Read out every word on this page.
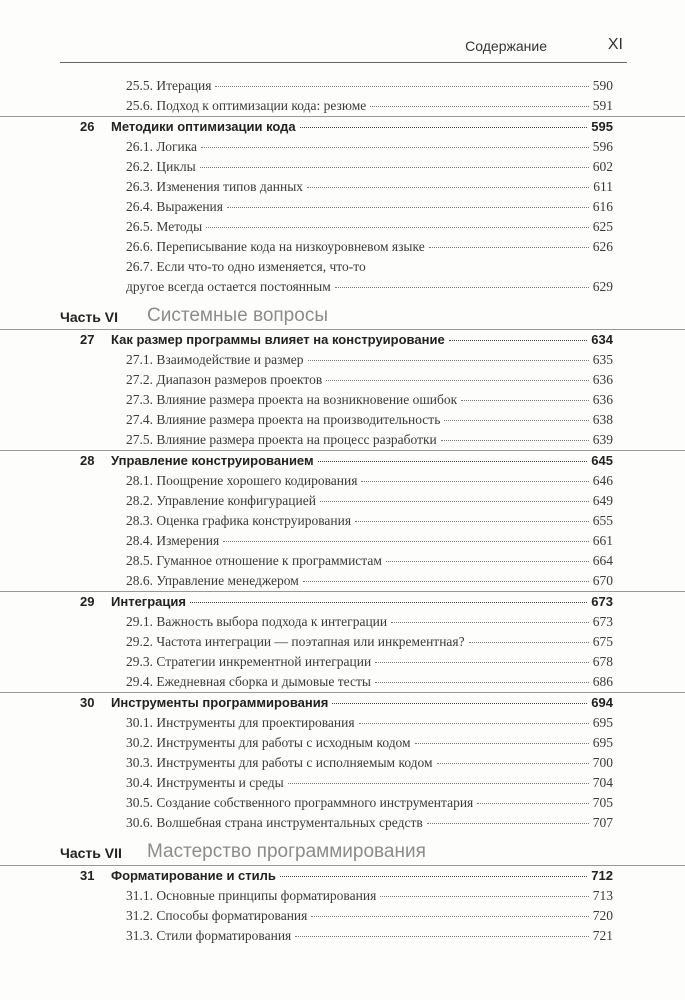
Содержание	XI
25.5. Итерация	590
25.6. Подход к оптимизации кода: резюме	591
26	Методики оптимизации кода	595
26.1. Логика	596
26.2. Циклы	602
26.3. Изменения типов данных	611
26.4. Выражения	616
26.5. Методы	625
26.6. Переписывание кода на низкоуровневом языке	626
26.7. Если что-то одно изменяется, что-то
другое всегда остается постоянным	629
Часть VI Системные вопросы
27	Как размер программы влияет на конструирование	634
27.1. Взаимодействие и размер	635
27.2. Диапазон размеров проектов	636
27.3. Влияние размера проекта на возникновение ошибок	636
27.4. Влияние размера проекта на производительность	638
27.5. Влияние размера проекта на процесс разработки	639
28	Управление конструированием	645
28.1. Поощрение хорошего кодирования	646
28.2. Управление конфигурацией	649
28.3. Оценка графика конструирования	655
28.4. Измерения	661
28.5. Гуманное отношение к программистам	664
28.6. Управление менеджером	670
29	Интеграция	673
29.1. Важность выбора подхода к интеграции	673
29.2. Частота интеграции — поэтапная или инкрементная?	675
29.3. Стратегии инкрементной интеграции	678
29.4. Ежедневная сборка и дымовые тесты	686
30	Инструменты программирования	694
30.1. Инструменты для проектирования	695
30.2. Инструменты для работы с исходным кодом	695
30.3. Инструменты для работы с исполняемым кодом	700
30.4. Инструменты и среды	704
30.5. Создание собственного программного инструментария	705
30.6. Волшебная страна инструментальных средств	707
Часть VII Мастерство программирования
31	Форматирование и стиль	712
31.1. Основные принципы форматирования	713
31.2. Способы форматирования	720
31.3. Стили форматирования	721
